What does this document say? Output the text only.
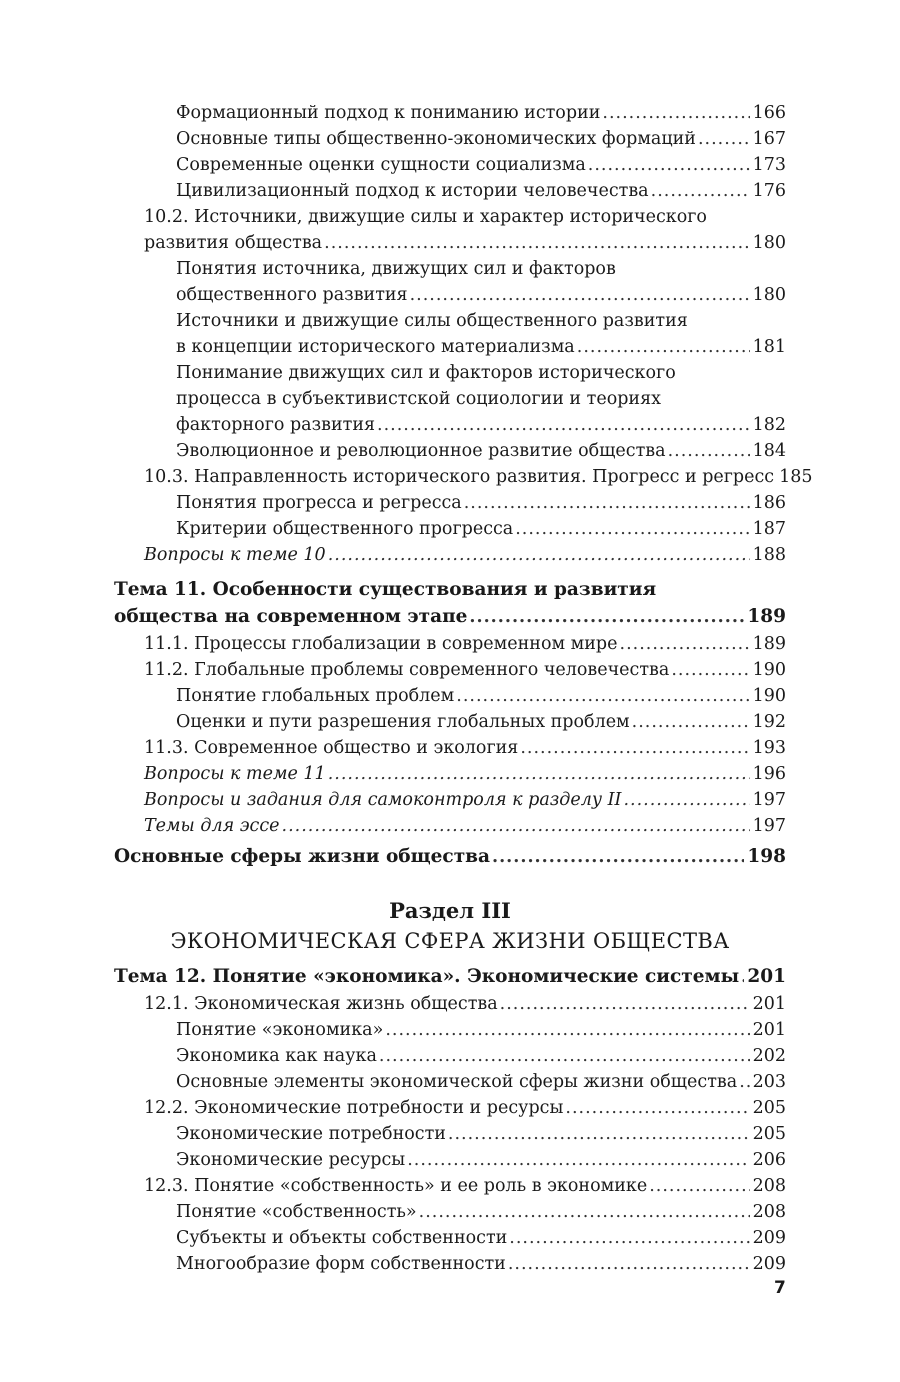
Формационный подход к пониманию истории .....	166
Основные типы общественно-экономических формаций .....	167
Современные оценки сущности социализма .....	173
Цивилизационный подход к истории человечества .....	176
10.2. Источники, движущие силы и характер исторического
развития общества .....	180
Понятия источника, движущих сил и факторов
общественного развития .....	180
Источники и движущие силы общественного развития
в концепции исторического материализма .....	181
Понимание движущих сил и факторов исторического
процесса в субъективистской социологии и теориях
факторного развития .....	182
Эволюционное и революционное развитие общества .....	184
10.3. Направленность исторического развития. Прогресс и регресс 185
Понятия прогресса и регресса .....	186
Критерии общественного прогресса .....	187
Вопросы к теме 10 .....	188
Тема 11. Особенности существования и развития
общества на современном этапе .....	189
11.1. Процессы глобализации в современном мире .....	189
11.2. Глобальные проблемы современного человечества .....	190
Понятие глобальных проблем .....	190
Оценки и пути разрешения глобальных проблем .....	192
11.3. Современное общество и экология .....	193
Вопросы к теме 11 .....	196
Вопросы и задания для самоконтроля к разделу II .....	197
Темы для эссе .....	197
Основные сферы жизни общества .....	198
Раздел III
ЭКОНОМИЧЕСКАЯ СФЕРА ЖИЗНИ ОБЩЕСТВА
Тема 12. Понятие «экономика». Экономические системы ..... 201
12.1. Экономическая жизнь общества .....	201
Понятие «экономика» .....	201
Экономика как наука .....	202
Основные элементы экономической сферы жизни общества ..... 203
12.2. Экономические потребности и ресурсы .....	205
Экономические потребности .....	205
Экономические ресурсы .....	206
12.3. Понятие «собственность» и ее роль в экономике .....	208
Понятие «собственность» .....	208
Субъекты и объекты собственности .....	209
Многообразие форм собственности .....	209
7
